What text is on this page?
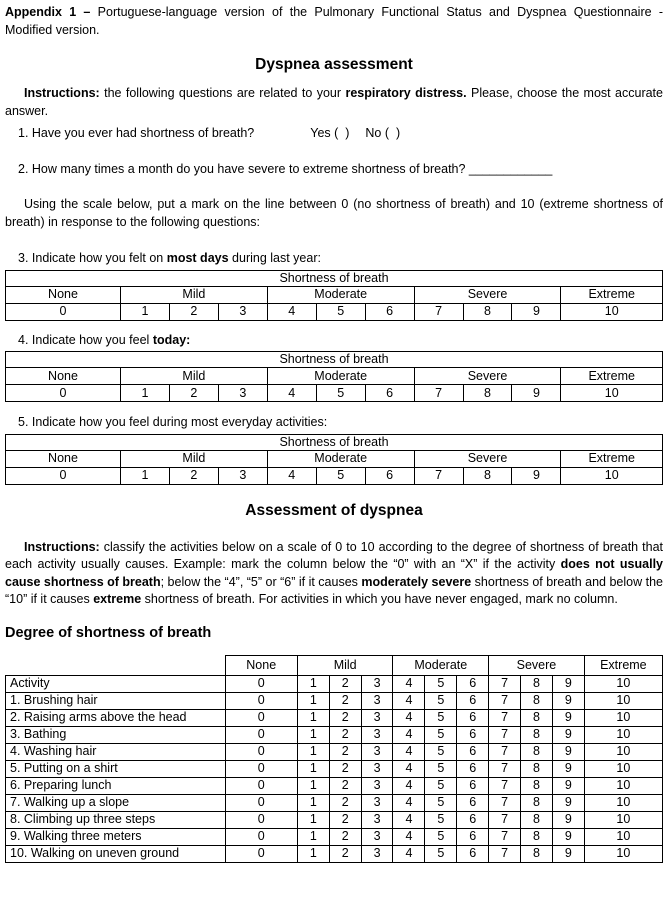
Appendix 1 – Portuguese-language version of the Pulmonary Functional Status and Dyspnea Questionnaire - Modified version.

Dyspnea assessment

Instructions: the following questions are related to your respiratory distress. Please, choose the most accurate answer.

1. Have you ever had shortness of breath?	Yes (  ) No (  )

2. How many times a month do you have severe to extreme shortness of breath? ____________

Using the scale below, put a mark on the line between 0 (no shortness of breath) and 10 (extreme shortness of breath) in response to the following questions:

3. Indicate how you felt on most days during last year:

Shortness of breath										
None	Mild			Moderate			Severe			Extreme
0	1	2	3	4	5	6	7	8	9	10

4. Indicate how you feel today:

Shortness of breath										
None	Mild			Moderate			Severe			Extreme
0	1	2	3	4	5	6	7	8	9	10

5. Indicate how you feel during most everyday activities:

Shortness of breath										
None	Mild			Moderate			Severe			Extreme
0	1	2	3	4	5	6	7	8	9	10
Assessment of dyspnea

Instructions: classify the activities below on a scale of 0 to 10 according to the degree of shortness of breath that each activity usually causes. Example: mark the column below the “0” with an “X” if the activity does not usually cause shortness of breath; below the “4”, “5” or “6” if it causes moderately severe shortness of breath and below the “10” if it causes extreme shortness of breath. For activities in which you have never engaged, mark no column.

Degree of shortness of breath
	None	Mild			Moderate			Severe			Extreme
Activity	0	1	2	3	4	5	6	7	8	9	10
1. Brushing hair	0	1	2	3	4	5	6	7	8	9	10
2. Raising arms above the head	0	1	2	3	4	5	6	7	8	9	10
3. Bathing	0	1	2	3	4	5	6	7	8	9	10
4. Washing hair	0	1	2	3	4	5	6	7	8	9	10
5. Putting on a shirt	0	1	2	3	4	5	6	7	8	9	10
6. Preparing lunch	0	1	2	3	4	5	6	7	8	9	10
7. Walking up a slope	0	1	2	3	4	5	6	7	8	9	10
8. Climbing up three steps	0	1	2	3	4	5	6	7	8	9	10
9. Walking three meters	0	1	2	3	4	5	6	7	8	9	10
10. Walking on uneven ground	0	1	2	3	4	5	6	7	8	9	10
